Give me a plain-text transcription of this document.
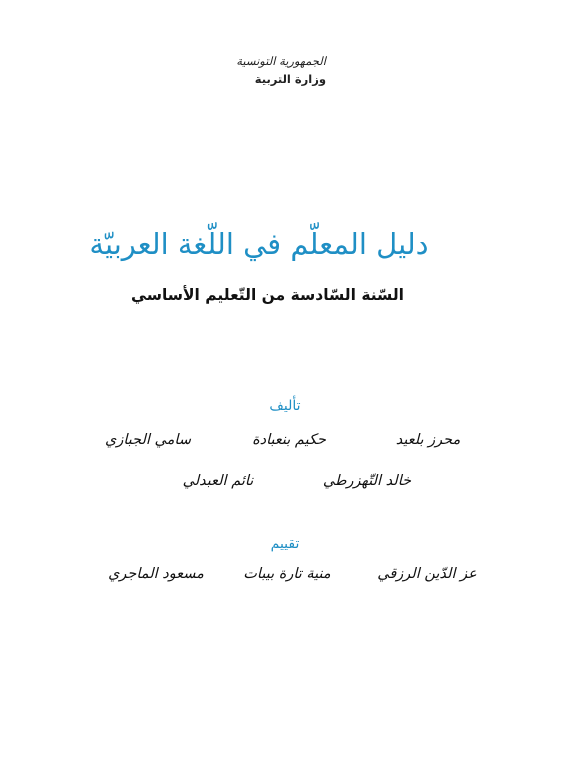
الجمهورية التونسية
وزارة التربية
دليل المعلّم في اللّغة العربيّة
السّنة السّادسة من التّعليم الأساسي
تأليف
محرز بلعيد
حكيم بنعبادة
سامي الجبازي
خالد التّهزرطي
نائم العبدلي
تقييم
عز الدّين الرزقي
منية تارة بيبات
مسعود الماجري
